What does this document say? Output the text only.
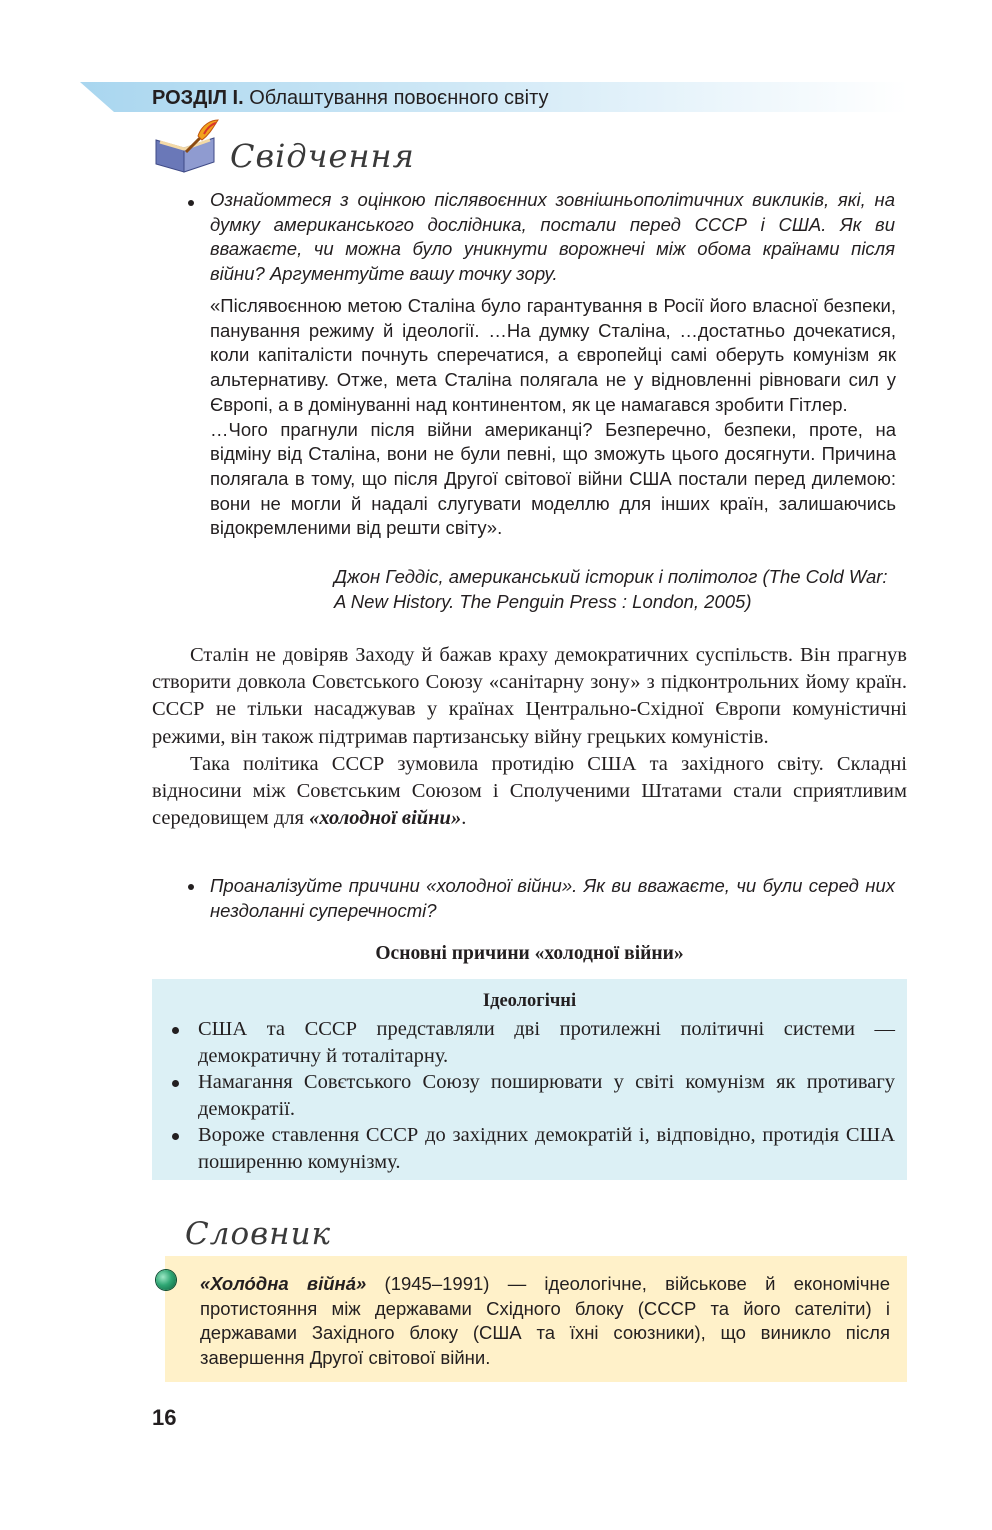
РОЗДІЛ І. Облаштування повоєнного світу
Свідчення
Ознайомтеся з оцінкою післявоєнних зовнішньополітичних викликів, які, на думку американського дослідника, постали перед СССР і США. Як ви вважаєте, чи можна було уникнути ворожнечі між обома країнами після війни? Аргументуйте вашу точку зору.

«Післявоєнною метою Сталіна було гарантування в Росії його власної безпеки, панування режиму й ідеології. …На думку Сталіна, …достатньо дочекатися, коли капіталісти почнуть сперечатися, а європейці самі оберуть комунізм як альтернативу. Отже, мета Сталіна полягала не у відновленні рівноваги сил у Європі, а в домінуванні над континентом, як це намагався зробити Гітлер.

…Чого прагнули після війни американці? Безперечно, безпеки, проте, на відміну від Сталіна, вони не були певні, що зможуть цього досягнути. Причина полягала в тому, що після Другої світової війни США постали перед дилемою: вони не могли й надалі слугувати моделлю для інших країн, залишаючись відокремленими від решти світу».

Джон Геддіс, американський історик і політолог (The Cold War: A New History. The Penguin Press : London, 2005)

Сталін не довіряв Заходу й бажав краху демократичних суспільств. Він прагнув створити довкола Совєтського Союзу «санітарну зону» з підконтрольних йому країн. СССР не тільки насаджував у країнах Центрально-Східної Європи комуністичні режими, він також підтримав партизанську війну грецьких комуністів.

Така політика СССР зумовила протидію США та західного світу. Складні відносини між Совєтським Союзом і Сполученими Штатами стали сприятливим середовищем для «холодної війни».

Проаналізуйте причини «холодної війни». Як ви вважаєте, чи були серед них нездоланні суперечності?
Основні причини «холодної війни»
Ідеологічні
США та СССР представляли дві протилежні політичні системи — демократичну й тоталітарну.
Намагання Совєтського Союзу поширювати у світі комунізм як противагу демократії.
Вороже ставлення СССР до західних демократій і, відповідно, протидія США поширенню комунізму.
Словник
«Холо́дна війна́» (1945–1991) — ідеологічне, військове й економічне протистояння між державами Східного блоку (СССР та його сателіти) і державами Західного блоку (США та їхні союзники), що виникло після завершення Другої світової війни.
16
